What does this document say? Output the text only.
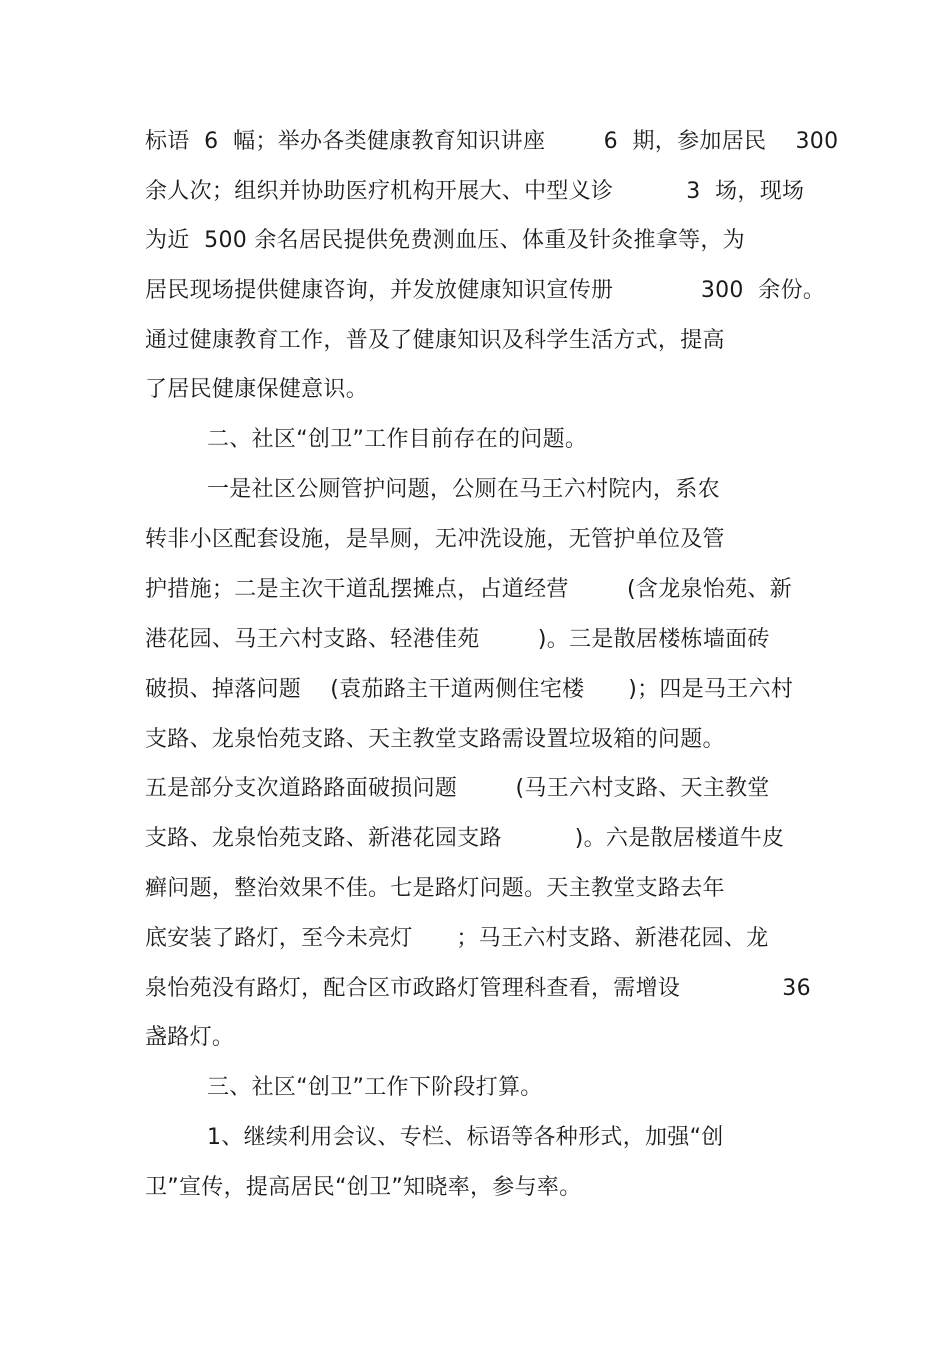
标语  6  幅；举办各类健康教育知识讲座        6  期，参加居民    300
余人次；组织并协助医疗机构开展大、中型义诊          3  场，现场
为近  500 余名居民提供免费测血压、体重及针灸推拿等，为
居民现场提供健康咨询，并发放健康知识宣传册            300  余份。
通过健康教育工作，普及了健康知识及科学生活方式，提高
了居民健康保健意识。
二、社区“创卫”工作目前存在的问题。
一是社区公厕管护问题，公厕在马王六村院内，系农
转非小区配套设施，是旱厕，无冲洗设施，无管护单位及管
护措施；二是主次干道乱摆摊点，占道经营        (含龙泉怡苑、新
港花园、马王六村支路、轻港佳苑        )。三是散居楼栋墙面砖
破损、掉落问题    (袁茄路主干道两侧住宅楼      )；四是马王六村
支路、龙泉怡苑支路、天主教堂支路需设置垃圾箱的问题。
五是部分支次道路路面破损问题        (马王六村支路、天主教堂
支路、龙泉怡苑支路、新港花园支路          )。六是散居楼道牛皮
癣问题，整治效果不佳。七是路灯问题。天主教堂支路去年
底安装了路灯，至今未亮灯      ；马王六村支路、新港花园、龙
泉怡苑没有路灯，配合区市政路灯管理科查看，需增设              36
盏路灯。
三、社区“创卫”工作下阶段打算。
1、继续利用会议、专栏、标语等各种形式，加强“创
卫”宣传，提高居民“创卫”知晓率，参与率。
